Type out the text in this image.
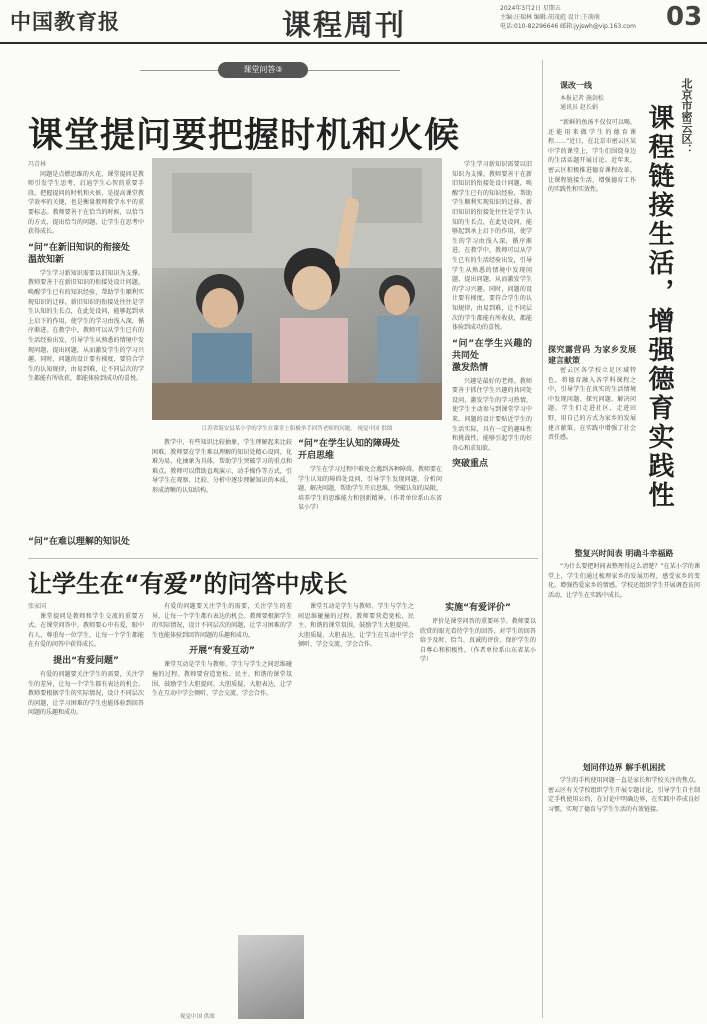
中国教育报	课程周刊	2024年3月2日 星期五
主编:汪瑞林 编辑:胡茂彪 设计:王萌萌
电话:010-82296646 邮箱:jyjswh@vip.163.com	03
课堂问答③
课堂提问要把握时机和火候
冯青林

问题是点燃思维的火花，课堂提问是教师引发学生思考、启迪学生心智的重要手段。把握提问的时机和火候，是提高课堂教学效率的关键，也是衡量教师教学水平的重要标志。教师要善于在恰当的时候，以恰当的方式，提出恰当的问题，让学生在思考中获得成长。

“问”在新旧知识的衔接处
温故知新

学生学习新知识需要以旧知识为支撑。教师要善于在新旧知识的衔接处设计问题，唤醒学生已有的知识经验，帮助学生顺利实现知识的迁移。新旧知识的衔接处往往是学生认知的生长点，在此处设问，能够起到承上启下的作用，使学生的学习由浅入深，循序渐进。在教学中，教师可以从学生已有的生活经验出发，引导学生从熟悉的情境中发现问题、提出问题，从而激发学生的学习兴趣。同时，问题的设计要有梯度，要符合学生的认知规律，由易到难，让不同层次的学生都能有所收获，都能体验到成功的喜悦。

“问”在难以理解的知识处
江苏省海安县某小学的学生在课堂上积极举手回答老师的问题。 视觉中国 供图

教学中，有些知识比较抽象，学生理解起来比较困难。教师要在学生难以理解的知识处精心设问，化难为易，化抽象为具体，帮助学生突破学习的重点和难点。教师可以借助直观演示、动手操作等方式，引导学生在观察、比较、分析中逐步理解知识的本质，形成清晰的认知结构。

“问”在学生认知的障碍处
开启思维

学生在学习过程中难免会遇到各种障碍。教师要在学生认知的障碍处设问，引导学生发现问题、分析问题、解决问题，帮助学生开启思维，突破认知的局限，培养学生的思维能力和创新精神。（作者单位系山东省某小学）

学生学习新知识需要以旧知识为支撑。教师要善于在新旧知识的衔接处设计问题，唤醒学生已有的知识经验，帮助学生顺利实现知识的迁移。新旧知识的衔接处往往是学生认知的生长点，在此处设问，能够起到承上启下的作用，使学生的学习由浅入深，循序渐进。在教学中，教师可以从学生已有的生活经验出发，引导学生从熟悉的情境中发现问题、提出问题，从而激发学生的学习兴趣。同时，问题的设计要有梯度，要符合学生的认知规律，由易到难，让不同层次的学生都能有所收获，都能体验到成功的喜悦。

“问”在学生兴趣的共同处
激发热情

兴趣是最好的老师。教师要善于抓住学生兴趣的共同处设问，激发学生的学习热情，使学生主动参与到课堂学习中来。问题的设计要贴近学生的生活实际，具有一定的趣味性和挑战性，能够引起学生的好奇心和求知欲。

突破重点
让学生在“有爱”的问答中成长
张家国

课堂提问是教师和学生交流的重要方式。在课堂问答中，教师要心中有爱，眼中有人，尊重每一位学生，让每一个学生都能在有爱的问答中获得成长。

提出“有爱问题”

有爱的问题要关注学生的需要，关注学生的差异，让每一个学生都有表达的机会。教师要根据学生的实际情况，设计不同层次的问题，让学习困难的学生也能体验到回答问题的乐趣和成功。

有爱的问题要关注学生的需要，关注学生的差异，让每一个学生都有表达的机会。教师要根据学生的实际情况，设计不同层次的问题，让学习困难的学生也能体验到回答问题的乐趣和成功。

开展“有爱互动”

课堂互动是学生与教师、学生与学生之间思维碰撞的过程。教师要营造宽松、民主、和谐的课堂氛围，鼓励学生大胆提问、大胆质疑、大胆表达，让学生在互动中学会倾听、学会交流、学会合作。

课堂互动是学生与教师、学生与学生之间思维碰撞的过程。教师要营造宽松、民主、和谐的课堂氛围，鼓励学生大胆提问、大胆质疑、大胆表达，让学生在互动中学会倾听、学会交流、学会合作。

实施“有爱评价”

评价是课堂问答的重要环节。教师要以欣赏的眼光看待学生的回答，对学生的回答给予及时、恰当、真诚的评价，保护学生的自尊心和积极性。（作者单位系山东省某小学）

视觉中国 供图
课改一线
本报记者 施剑松
通讯员 赵长娟	北京市密云区：
课程链接生活，增强德育实践性

“新鲜的鱼汤不仅仅可以喝，还能用来做学生的德育课程……”近日，在北京市密云区某中学的课堂上，学生们围绕身边的生活话题开展讨论。近年来，密云区积极推进德育课程改革，让课程链接生活，增强德育工作的实践性和实效性。

探究露营码 为家乡发展建言献策

密云区各学校立足区域特色，将德育融入各学科课程之中，引导学生在真实的生活情境中发现问题、探究问题、解决问题。学生们走进社区、走进田野，用自己的方式为家乡的发展建言献策，在实践中增强了社会责任感。

整复兴时间表 明确斗幸福路

“为什么要把时间表整理得这么清楚？”在某小学的课堂上，学生们通过梳理家乡的发展历程，感受家乡的变化，增强热爱家乡的情感。学校还组织学生开展调查访问活动，让学生在实践中成长。

划同伴边界 解手机困扰

学生的手机使用问题一直是家长和学校关注的焦点。密云区有关学校组织学生开展专题讨论，引导学生自主制定手机使用公约，在讨论中明确边界，在实践中养成良好习惯，实现了德育与学生生活的有效链接。
